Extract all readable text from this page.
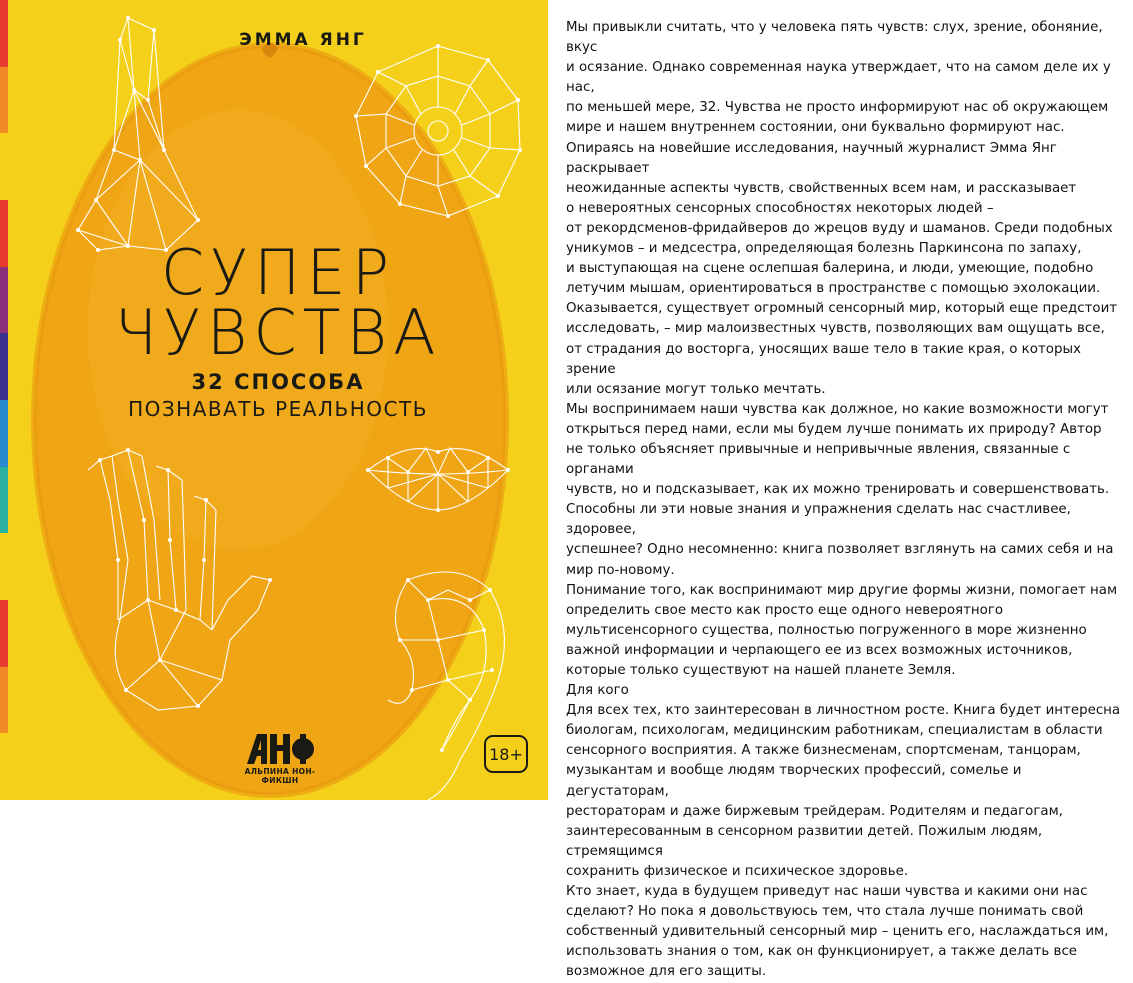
ЭММА ЯНГ
СУПЕР
ЧУВСТВА
32 СПОСОБА
ПОЗНАВАТЬ РЕАЛЬНОСТЬ
АЛЬПИНА НОН-ФИКШН
18+
Мы привыкли считать, что у человека пять чувств: слух, зрение, обоняние, вкус
и осязание. Однако современная наука утверждает, что на самом деле их у нас,
по меньшей мере, 32. Чувства не просто информируют нас об окружающем
мире и нашем внутреннем состоянии, они буквально формируют нас.
Опираясь на новейшие исследования, научный журналист Эмма Янг раскрывает
неожиданные аспекты чувств, свойственных всем нам, и рассказывает
о невероятных сенсорных способностях некоторых людей –
от рекордсменов-фридайверов до жрецов вуду и шаманов. Среди подобных
уникумов – и медсестра, определяющая болезнь Паркинсона по запаху,
и выступающая на сцене ослепшая балерина, и люди, умеющие, подобно
летучим мышам, ориентироваться в пространстве с помощью эхолокации.
Оказывается, существует огромный сенсорный мир, который еще предстоит
исследовать, – мир малоизвестных чувств, позволяющих вам ощущать все,
от страдания до восторга, уносящих ваше тело в такие края, о которых зрение
или осязание могут только мечтать.
Мы воспринимаем наши чувства как должное, но какие возможности могут
открыться перед нами, если мы будем лучше понимать их природу? Автор
не только объясняет привычные и непривычные явления, связанные с органами
чувств, но и подсказывает, как их можно тренировать и совершенствовать.
Способны ли эти новые знания и упражнения сделать нас счастливее, здоровее,
успешнее? Одно несомненно: книга позволяет взглянуть на самих себя и на
мир по-новому.
Понимание того, как воспринимают мир другие формы жизни, помогает нам
определить свое место как просто еще одного невероятного
мультисенсорного существа, полностью погруженного в море жизненно
важной информации и черпающего ее из всех возможных источников,
которые только существуют на нашей планете Земля.
Для кого
Для всех тех, кто заинтересован в личностном росте. Книга будет интересна
биологам, психологам, медицинским работникам, специалистам в области
сенсорного восприятия. А также бизнесменам, спортсменам, танцорам,
музыкантам и вообще людям творческих профессий, сомелье и дегустаторам,
рестораторам и даже биржевым трейдерам. Родителям и педагогам,
заинтересованным в сенсорном развитии детей. Пожилым людям, стремящимся
сохранить физическое и психическое здоровье.
Кто знает, куда в будущем приведут нас наши чувства и какими они нас
сделают? Но пока я довольствуюсь тем, что стала лучше понимать свой
собственный удивительный сенсорный мир – ценить его, наслаждаться им,
использовать знания о том, как он функционирует, а также делать все
возможное для его защиты.
